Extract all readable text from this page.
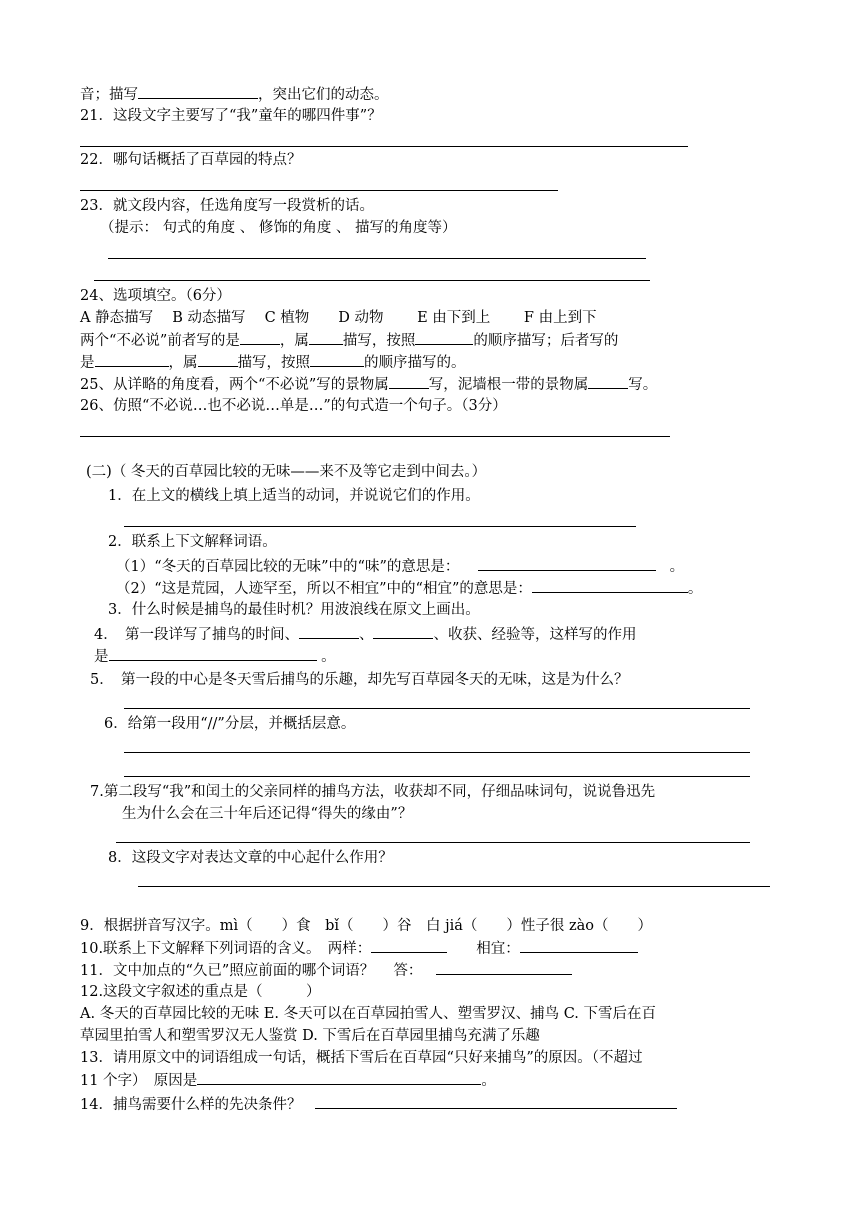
音；描写	，突出它们的动态。
21．这段文字主要写了“我”童年的哪四件事”？
22．哪句话概括了百草园的特点？
23．就文段内容，任选角度写一段赏析的话。
（提示： 句式的角度 、 修饰的角度 、 描写的角度等）
24、选项填空。（6分）
A 静态描写　 B 动态描写　 C 植物　　D 动物　　 E 由下到上　　 F 由上到下
两个“不必说”前者写的是	，属 描写，按照	的顺序描写；后者写的
是	，属	描写，按照	的顺序描写的。
25、从详略的角度看，两个“不必说”写的景物属	写，泥墙根一带的景物属	写。
26、仿照“不必说…也不必说…单是…”的句式造一个句子。（3分）
(二)（ 冬天的百草园比较的无味——来不及等它走到中间去。）
1．在上文的横线上填上适当的动词，并说说它们的作用。
2．联系上下文解释词语。
（1）“冬天的百草园比较的无味”中的“味”的意思是：	。
（2）“这是荒园，人迹罕至，所以不相宜”中的“相宜”的意思是：	。
3．什么时候是捕鸟的最佳时机？用波浪线在原文上画出。
4．　第一段详写了捕鸟的时间、	、	、收获、经验等，这样写的作用
是	。
5．　第一段的中心是冬天雪后捕鸟的乐趣，却先写百草园冬天的无味，这是为什么？
6．给第一段用“//”分层，并概括层意。
7.第二段写“我”和闰土的父亲同样的捕鸟方法，收获却不同，仔细品味词句，说说鲁迅先
生为什么会在三十年后还记得“得失的缘由”？
8．这段文字对表达文章的中心起什么作用？
9．根据拼音写汉字。mì（　　）食　bǐ（　　）谷　白 jiá（　　）性子很 zào（　　）
10.联系上下文解释下列词语的含义。　两样：	　　相宜：
11．文中加点的“久已”照应前面的哪个词语？　 答：
12.这段文字叙述的重点是（　　　）
A. 冬天的百草园比较的无味 E. 冬天可以在百草园拍雪人、塑雪罗汉、捕鸟 C. 下雪后在百
草园里拍雪人和塑雪罗汉无人鉴赏 D. 下雪后在百草园里捕鸟充满了乐趣
13．请用原文中的词语组成一句话，概括下雪后在百草园“只好来捕鸟”的原因。（不超过
11 个字）　原因是	。
14．捕鸟需要什么样的先决条件？
